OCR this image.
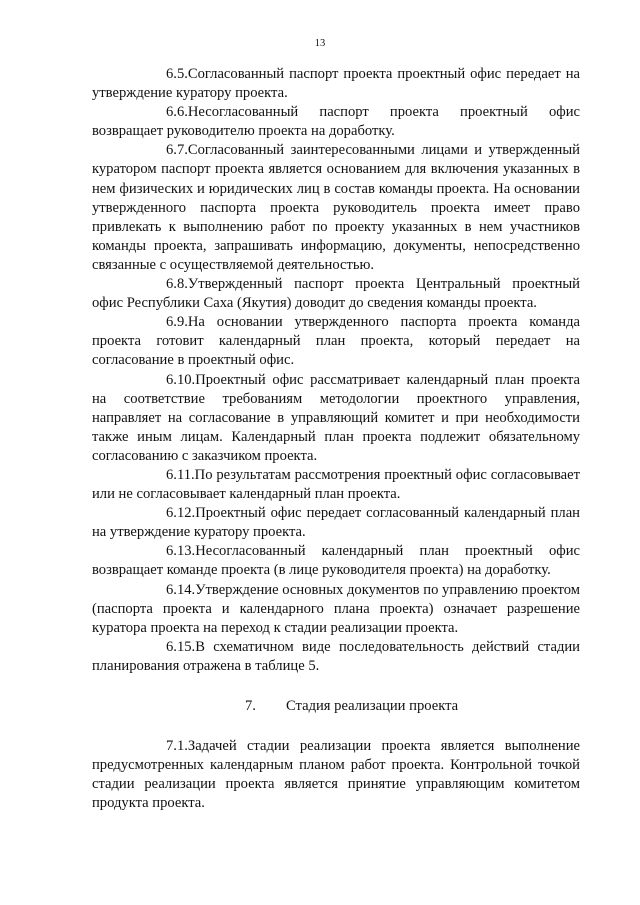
13

6.5.Согласованный паспорт проекта проектный офис передает на утверждение куратору проекта.

6.6.Несогласованный паспорт проекта проектный офис возвращает руководителю проекта на доработку.

6.7.Согласованный заинтересованными лицами и утвержденный куратором паспорт проекта является основанием для включения указанных в нем физических и юридических лиц в состав команды проекта. На основании утвержденного паспорта проекта руководитель проекта имеет право привлекать к выполнению работ по проекту указанных в нем участников команды проекта, запрашивать информацию, документы, непосредственно связанные с осуществляемой деятельностью.

6.8.Утвержденный паспорт проекта Центральный проектный офис Республики Саха (Якутия) доводит до сведения команды проекта.

6.9.На основании утвержденного паспорта проекта команда проекта готовит календарный план проекта, который передает на согласование в проектный офис.

6.10.Проектный офис рассматривает календарный план проекта на соответствие требованиям методологии проектного управления, направляет на согласование в управляющий комитет и при необходимости также иным лицам. Календарный план проекта подлежит обязательному согласованию с заказчиком проекта.

6.11.По результатам рассмотрения проектный офис согласовывает или не согласовывает календарный план проекта.

6.12.Проектный офис передает согласованный календарный план на утверждение куратору проекта.

6.13.Несогласованный календарный план проектный офис возвращает команде проекта (в лице руководителя проекта) на доработку.

6.14.Утверждение основных документов по управлению проектом (паспорта проекта и календарного плана проекта) означает разрешение куратора проекта на переход к стадии реализации проекта.

6.15.В схематичном виде последовательность действий стадии планирования отражена в таблице 5.

7. Стадия реализации проекта

7.1.Задачей стадии реализации проекта является выполнение предусмотренных календарным планом работ проекта. Контрольной точкой стадии реализации проекта является принятие управляющим комитетом продукта проекта.
